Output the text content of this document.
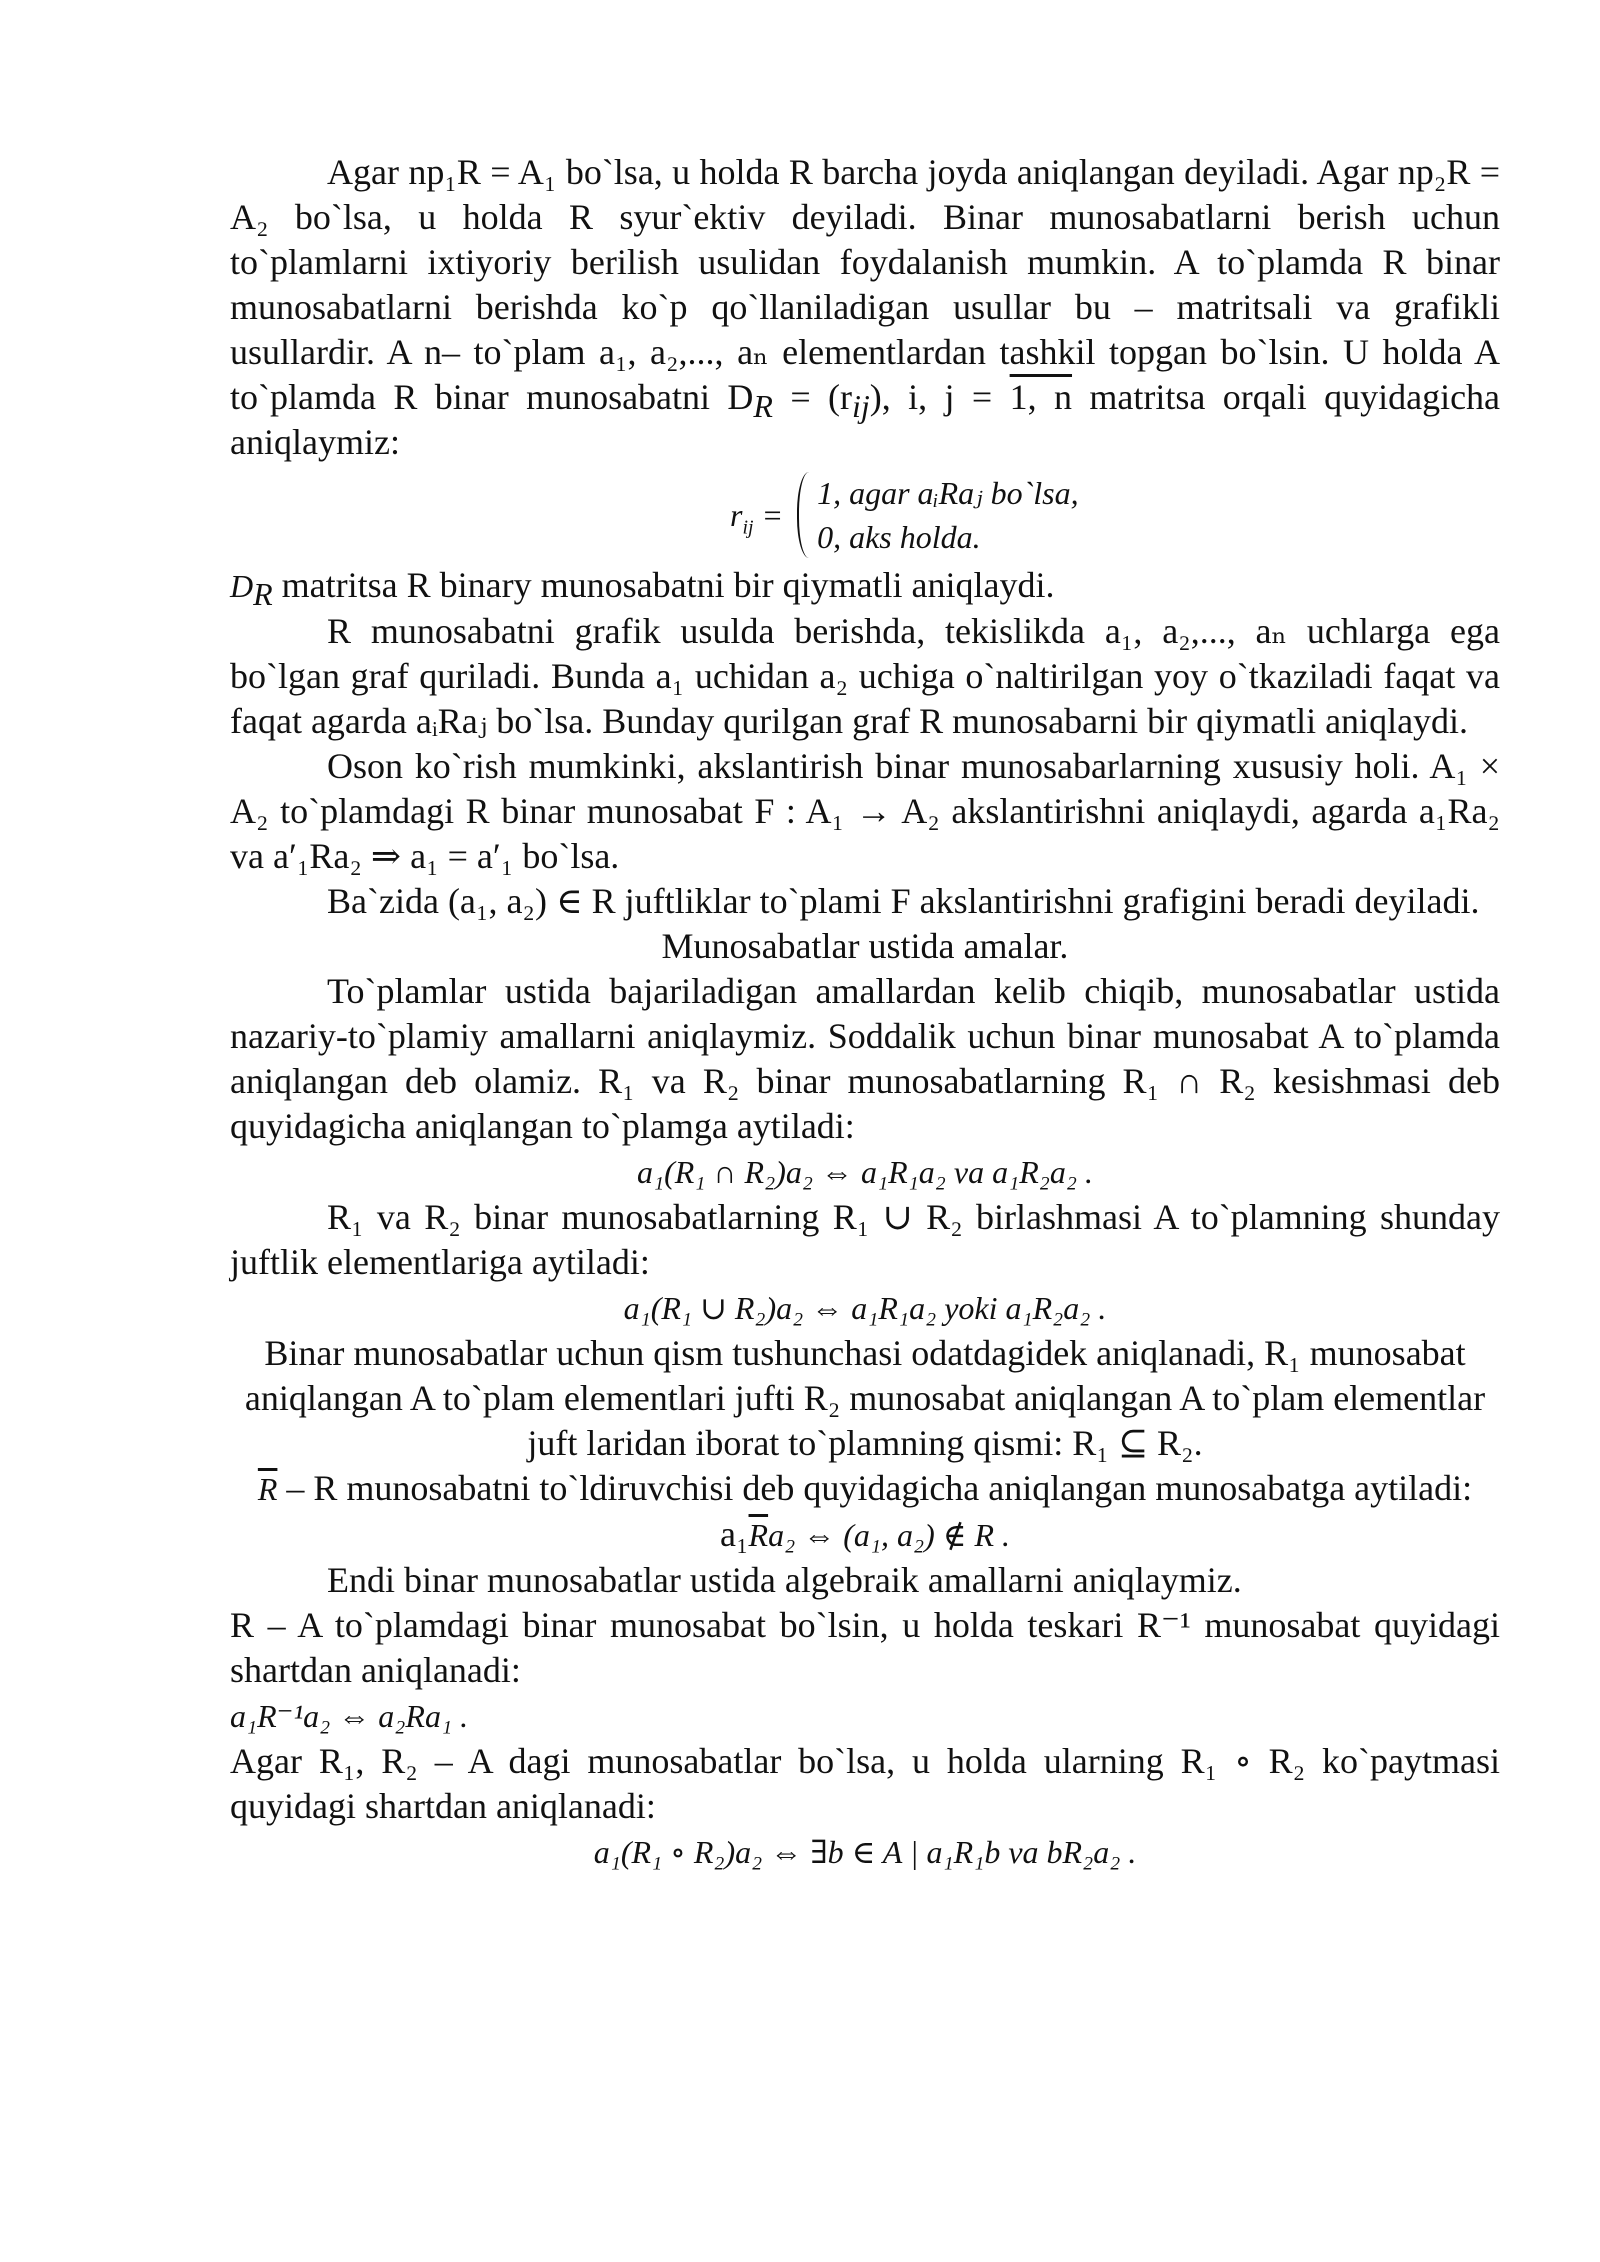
Agar np₁R = A₁ bo`lsa, u holda R barcha joyda aniqlangan deyiladi. Agar np₂R = A₂ bo`lsa, u holda R syur`ektiv deyiladi. Binar munosabatlarni berish uchun to`plamlarni ixtiyoriy berilish usulidan foydalanish mumkin. A to`plamda R binar munosabatlarni berishda ko`p qo`llaniladigan usullar bu – matritsali va grafikli usullardir. A n– to`plam a₁, a₂,..., aₙ elementlardan tashkil topgan bo`lsin. U holda A to`plamda R binar munosabatni $D_R = (r_{ij})$, i, j = 1, n matritsa orqali quyidagicha aniqlaymiz:

$r_{ij}$ =
1, agar aᵢRaⱼ bo`lsa,
0, aks holda.

$D_R$ matritsa R binary munosabatni bir qiymatli aniqlaydi.

R munosabatni grafik usulda berishda, tekislikda a₁, a₂,..., aₙ uchlarga ega bo`lgan graf quriladi. Bunda a₁ uchidan a₂ uchiga o`naltirilgan yoy o`tkaziladi faqat va faqat agarda aᵢRaⱼ bo`lsa. Bunday qurilgan graf R munosabarni bir qiymatli aniqlaydi.

Oson ko`rish mumkinki, akslantirish binar munosabarlarning xususiy holi. A₁ × A₂ to`plamdagi R binar munosabat F : A₁ → A₂ akslantirishni aniqlaydi, agarda a₁Ra₂ va a′₁Ra₂ ⇒ a₁ = a′₁ bo`lsa.

Ba`zida (a₁, a₂) ∈ R juftliklar to`plami F akslantirishni grafigini beradi deyiladi.

Munosabatlar ustida amalar.

To`plamlar ustida bajariladigan amallardan kelib chiqib, munosabatlar ustida nazariy-to`plamiy amallarni aniqlaymiz. Soddalik uchun binar munosabat A to`plamda aniqlangan deb olamiz. R₁ va R₂ binar munosabatlarning R₁ ∩ R₂ kesishmasi deb quyidagicha aniqlangan to`plamga aytiladi:

a₁(R₁ ∩ R₂)a₂ ⇔ a₁R₁a₂ va a₁R₂a₂ .

R₁ va R₂ binar munosabatlarning R₁ ∪ R₂ birlashmasi A to`plamning shunday juftlik elementlariga aytiladi:

a₁(R₁ ∪ R₂)a₂ ⇔ a₁R₁a₂ yoki a₁R₂a₂ .

Binar munosabatlar uchun qism tushunchasi odatdagidek aniqlanadi, R₁ munosabat aniqlangan A to`plam elementlari jufti R₂ munosabat aniqlangan A to`plam elementlar juft laridan iborat to`plamning qismi: R₁ ⊆ R₂.

$\overline{R}$ – R munosabatni to`ldiruvchisi deb quyidagicha aniqlangan munosabatga aytiladi: $a_1\overline{R}a_2$ ⇔ (a₁, a₂) ∉ R .

Endi binar munosabatlar ustida algebraik amallarni aniqlaymiz.

R – A to`plamdagi binar munosabat bo`lsin, u holda teskari R⁻¹ munosabat quyidagi shartdan aniqlanadi:

a₁R⁻¹a₂ ⇔ a₂Ra₁ .

Agar R₁, R₂ – A dagi munosabatlar bo`lsa, u holda ularning R₁ ∘ R₂ ko`paytmasi quyidagi shartdan aniqlanadi:

a₁(R₁ ∘ R₂)a₂ ⇔ ∃b ∈ A | a₁R₁b va bR₂a₂ .
